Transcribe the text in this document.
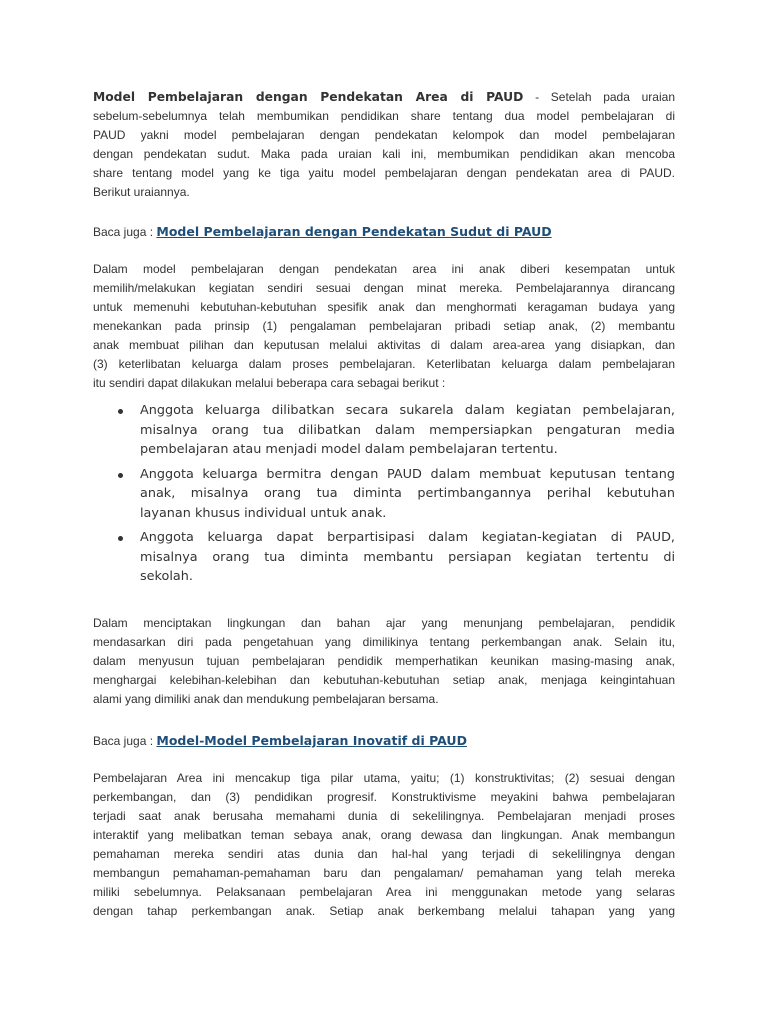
Model Pembelajaran dengan Pendekatan Area di PAUD - Setelah pada uraian
sebelum-sebelumnya telah membumikan pendidikan share tentang dua model pembelajaran di
PAUD yakni model pembelajaran dengan pendekatan kelompok dan model pembelajaran
dengan pendekatan sudut. Maka pada uraian kali ini, membumikan pendidikan akan mencoba
share tentang model yang ke tiga yaitu model pembelajaran dengan pendekatan area di PAUD.
Berikut uraiannya.
Baca juga : Model Pembelajaran dengan Pendekatan Sudut di PAUD
Dalam model pembelajaran dengan pendekatan area ini anak diberi kesempatan untuk
memilih/melakukan kegiatan sendiri sesuai dengan minat mereka. Pembelajarannya dirancang
untuk memenuhi kebutuhan-kebutuhan spesifik anak dan menghormati keragaman budaya yang
menekankan pada prinsip (1) pengalaman pembelajaran pribadi setiap anak, (2) membantu
anak membuat pilihan dan keputusan melalui aktivitas di dalam area-area yang disiapkan, dan
(3) keterlibatan keluarga dalam proses pembelajaran. Keterlibatan keluarga dalam pembelajaran
itu sendiri dapat dilakukan melalui beberapa cara sebagai berikut :
Anggota keluarga dilibatkan secara sukarela dalam kegiatan pembelajaran,
misalnya orang tua dilibatkan dalam mempersiapkan pengaturan media
pembelajaran atau menjadi model dalam pembelajaran tertentu.
Anggota keluarga bermitra dengan PAUD dalam membuat keputusan tentang
anak, misalnya orang tua diminta pertimbangannya perihal kebutuhan
layanan khusus individual untuk anak.
Anggota keluarga dapat berpartisipasi dalam kegiatan-kegiatan di PAUD,
misalnya orang tua diminta membantu persiapan kegiatan tertentu di
sekolah.
Dalam menciptakan lingkungan dan bahan ajar yang menunjang pembelajaran, pendidik
mendasarkan diri pada pengetahuan yang dimilikinya tentang perkembangan anak. Selain itu,
dalam menyusun tujuan pembelajaran pendidik memperhatikan keunikan masing-masing anak,
menghargai kelebihan-kelebihan dan kebutuhan-kebutuhan setiap anak, menjaga keingintahuan
alami yang dimiliki anak dan mendukung pembelajaran bersama.
Baca juga : Model-Model Pembelajaran Inovatif di PAUD
Pembelajaran Area ini mencakup tiga pilar utama, yaitu; (1) konstruktivitas; (2) sesuai dengan
perkembangan, dan (3) pendidikan progresif. Konstruktivisme meyakini bahwa pembelajaran
terjadi saat anak berusaha memahami dunia di sekelilingnya. Pembelajaran menjadi proses
interaktif yang melibatkan teman sebaya anak, orang dewasa dan lingkungan. Anak membangun
pemahaman mereka sendiri atas dunia dan hal-hal yang terjadi di sekelilingnya dengan
membangun pemahaman-pemahaman baru dan pengalaman/ pemahaman yang telah mereka
miliki sebelumnya. Pelaksanaan pembelajaran Area ini menggunakan metode yang selaras
dengan tahap perkembangan anak. Setiap anak berkembang melalui tahapan yang yang
